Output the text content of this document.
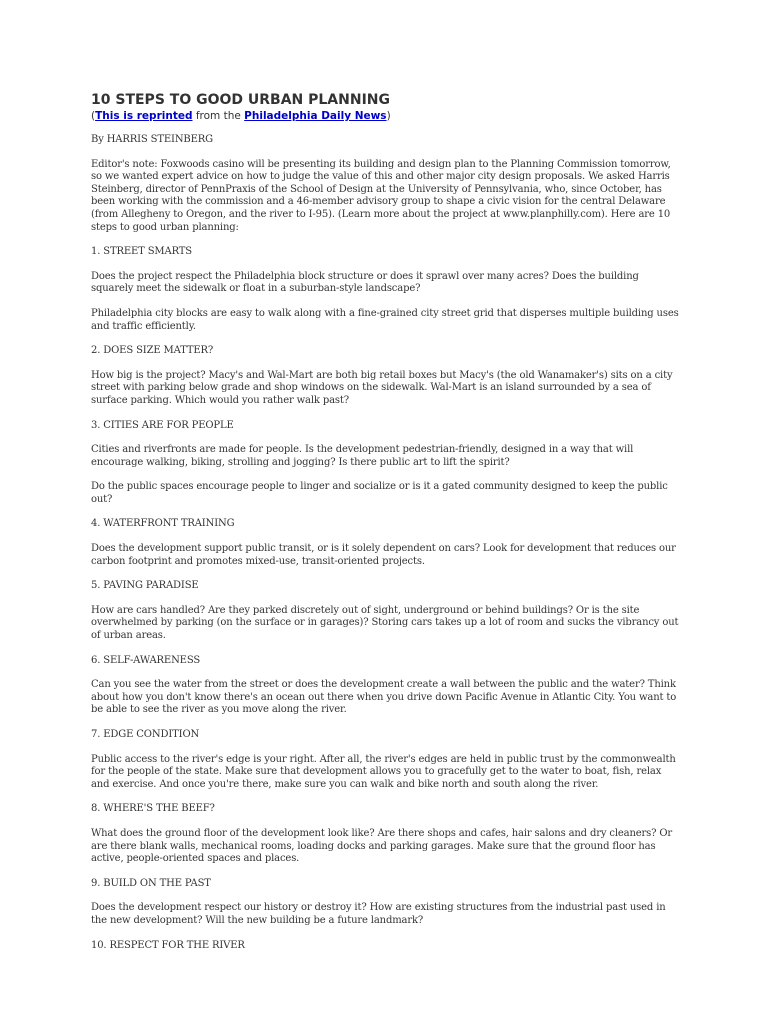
10 STEPS TO GOOD URBAN PLANNING
(This is reprinted from the Philadelphia Daily News)

By HARRIS STEINBERG

Editor's note: Foxwoods casino will be presenting its building and design plan to the Planning Commission tomorrow, so we wanted expert advice on how to judge the value of this and other major city design proposals. We asked Harris Steinberg, director of PennPraxis of the School of Design at the University of Pennsylvania, who, since October, has been working with the commission and a 46-member advisory group to shape a civic vision for the central Delaware (from Allegheny to Oregon, and the river to I-95). (Learn more about the project at www.planphilly.com). Here are 10 steps to good urban planning:

1. STREET SMARTS

Does the project respect the Philadelphia block structure or does it sprawl over many acres? Does the building squarely meet the sidewalk or float in a suburban-style landscape?

Philadelphia city blocks are easy to walk along with a fine-grained city street grid that disperses multiple building uses and traffic efficiently.

2. DOES SIZE MATTER?

How big is the project? Macy's and Wal-Mart are both big retail boxes but Macy's (the old Wanamaker's) sits on a city street with parking below grade and shop windows on the sidewalk. Wal-Mart is an island surrounded by a sea of surface parking. Which would you rather walk past?

3. CITIES ARE FOR PEOPLE

Cities and riverfronts are made for people. Is the development pedestrian-friendly, designed in a way that will encourage walking, biking, strolling and jogging? Is there public art to lift the spirit?

Do the public spaces encourage people to linger and socialize or is it a gated community designed to keep the public out?

4. WATERFRONT TRAINING

Does the development support public transit, or is it solely dependent on cars? Look for development that reduces our carbon footprint and promotes mixed-use, transit-oriented projects.

5. PAVING PARADISE

How are cars handled? Are they parked discretely out of sight, underground or behind buildings? Or is the site overwhelmed by parking (on the surface or in garages)? Storing cars takes up a lot of room and sucks the vibrancy out of urban areas.

6. SELF-AWARENESS

Can you see the water from the street or does the development create a wall between the public and the water? Think about how you don't know there's an ocean out there when you drive down Pacific Avenue in Atlantic City. You want to be able to see the river as you move along the river.

7. EDGE CONDITION

Public access to the river's edge is your right. After all, the river's edges are held in public trust by the commonwealth for the people of the state. Make sure that development allows you to gracefully get to the water to boat, fish, relax and exercise. And once you're there, make sure you can walk and bike north and south along the river.

8. WHERE'S THE BEEF?

What does the ground floor of the development look like? Are there shops and cafes, hair salons and dry cleaners? Or are there blank walls, mechanical rooms, loading docks and parking garages. Make sure that the ground floor has active, people-oriented spaces and places.

9. BUILD ON THE PAST

Does the development respect our history or destroy it? How are existing structures from the industrial past used in the new development? Will the new building be a future landmark?

10. RESPECT FOR THE RIVER
